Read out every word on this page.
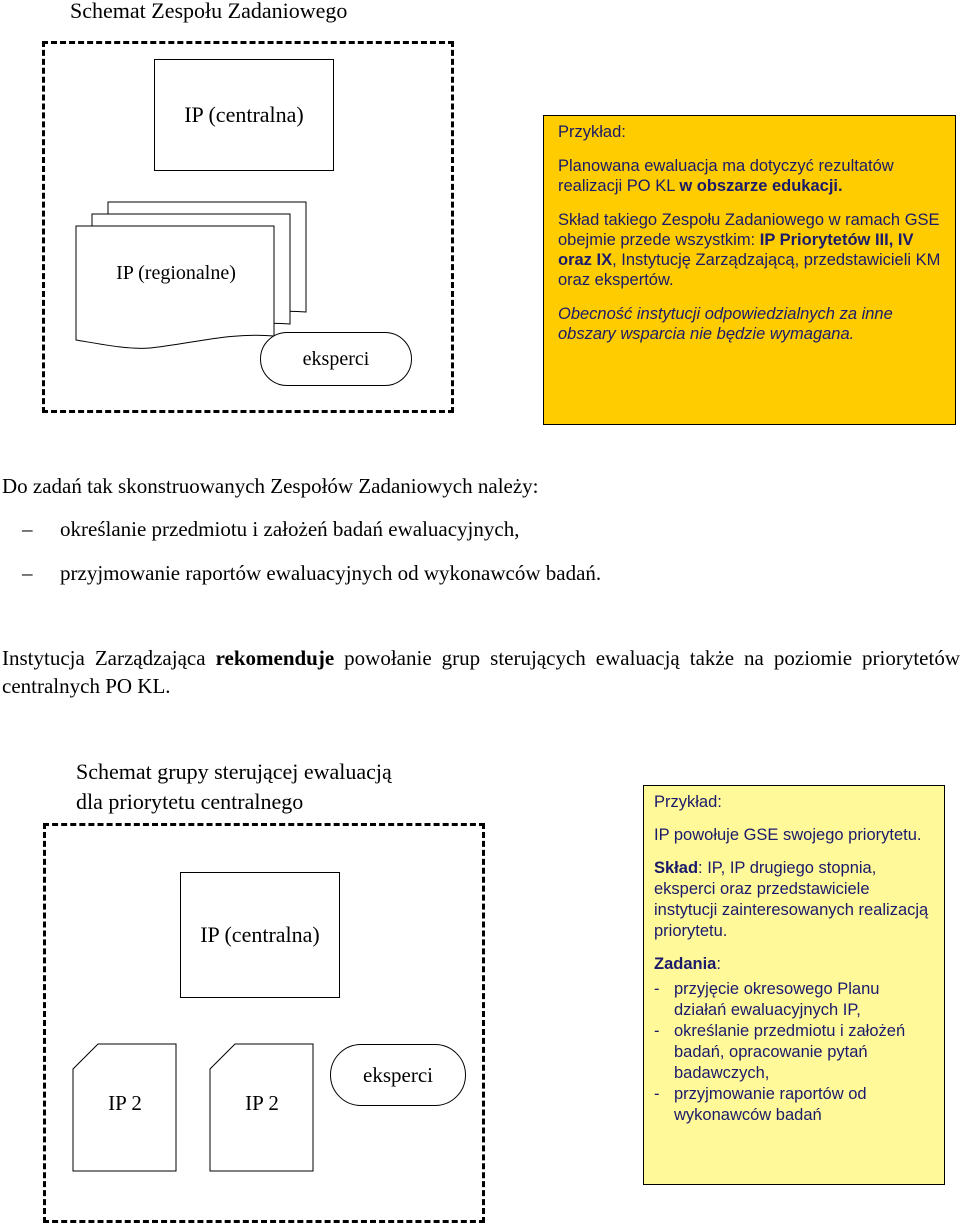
Schemat Zespołu Zadaniowego
IP (centralna)
IP (regionalne)
eksperci

Przykład:

Planowana ewaluacja ma dotyczyć rezultatów realizacji PO KL w obszarze edukacji.

Skład takiego Zespołu Zadaniowego w ramach GSE obejmie przede wszystkim: IP Priorytetów III, IV oraz IX, Instytucję Zarządzającą, przedstawicieli KM oraz ekspertów.

Obecność instytucji odpowiedzialnych za inne obszary wsparcia nie będzie wymagana.

Do zadań tak skonstruowanych Zespołów Zadaniowych należy:
– określanie przedmiotu i założeń badań ewaluacyjnych,
– przyjmowanie raportów ewaluacyjnych od wykonawców badań.
Instytucja Zarządzająca rekomenduje powołanie grup sterujących ewaluacją także na poziomie priorytetów centralnych PO KL.
Schemat grupy sterującej ewaluacją
dla priorytetu centralnego
IP (centralna)
IP 2	IP 2
eksperci

Przykład:

IP powołuje GSE swojego priorytetu.

Skład: IP, IP drugiego stopnia, eksperci oraz przedstawiciele instytucji zainteresowanych realizacją priorytetu.

Zadania:
- przyjęcie okresowego Planu działań ewaluacyjnych IP,
- określanie przedmiotu i założeń badań, opracowanie pytań badawczych,
- przyjmowanie raportów od wykonawców badań
